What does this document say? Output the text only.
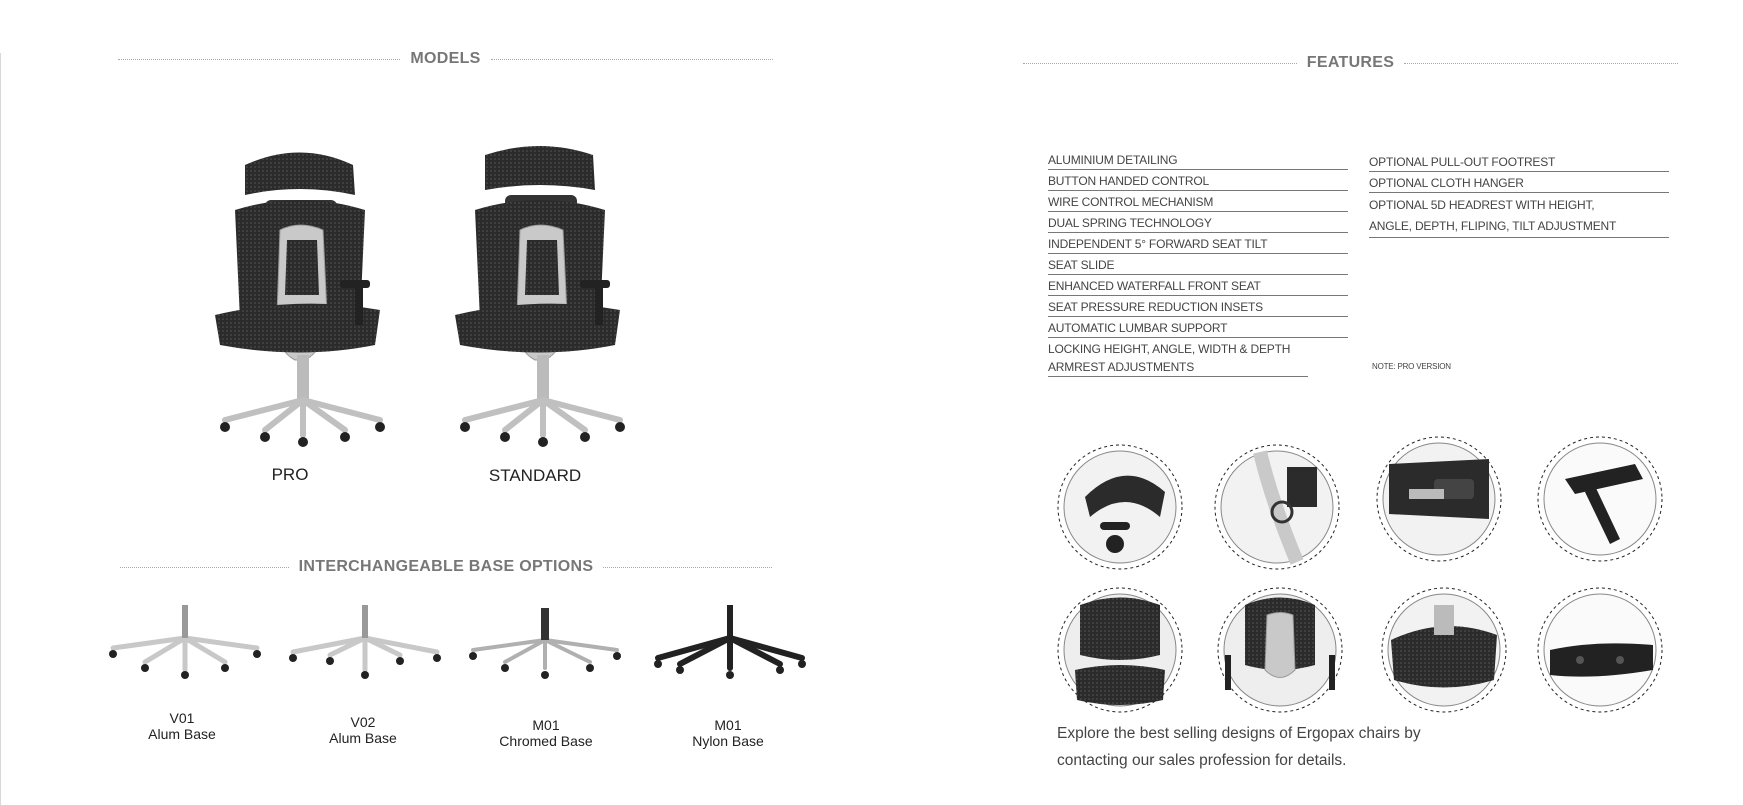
MODELS
PRO	STANDARD
INTERCHANGEABLE BASE OPTIONS
V01
Alum Base
V02
Alum Base
M01
Chromed Base
M01
Nylon Base
FEATURES
ALUMINIUM DETAILING
BUTTON HANDED CONTROL
WIRE CONTROL MECHANISM
DUAL SPRING TECHNOLOGY
INDEPENDENT 5° FORWARD SEAT TILT
SEAT SLIDE
ENHANCED WATERFALL FRONT SEAT
SEAT PRESSURE REDUCTION INSETS
AUTOMATIC LUMBAR SUPPORT
LOCKING HEIGHT, ANGLE, WIDTH & DEPTH ARMREST ADJUSTMENTS
OPTIONAL PULL-OUT FOOTREST
OPTIONAL CLOTH HANGER
OPTIONAL 5D HEADREST WITH HEIGHT, ANGLE, DEPTH, FLIPING, TILT ADJUSTMENT
NOTE: PRO VERSION
Explore the best selling designs of Ergopax chairs by contacting our sales profession for details.
